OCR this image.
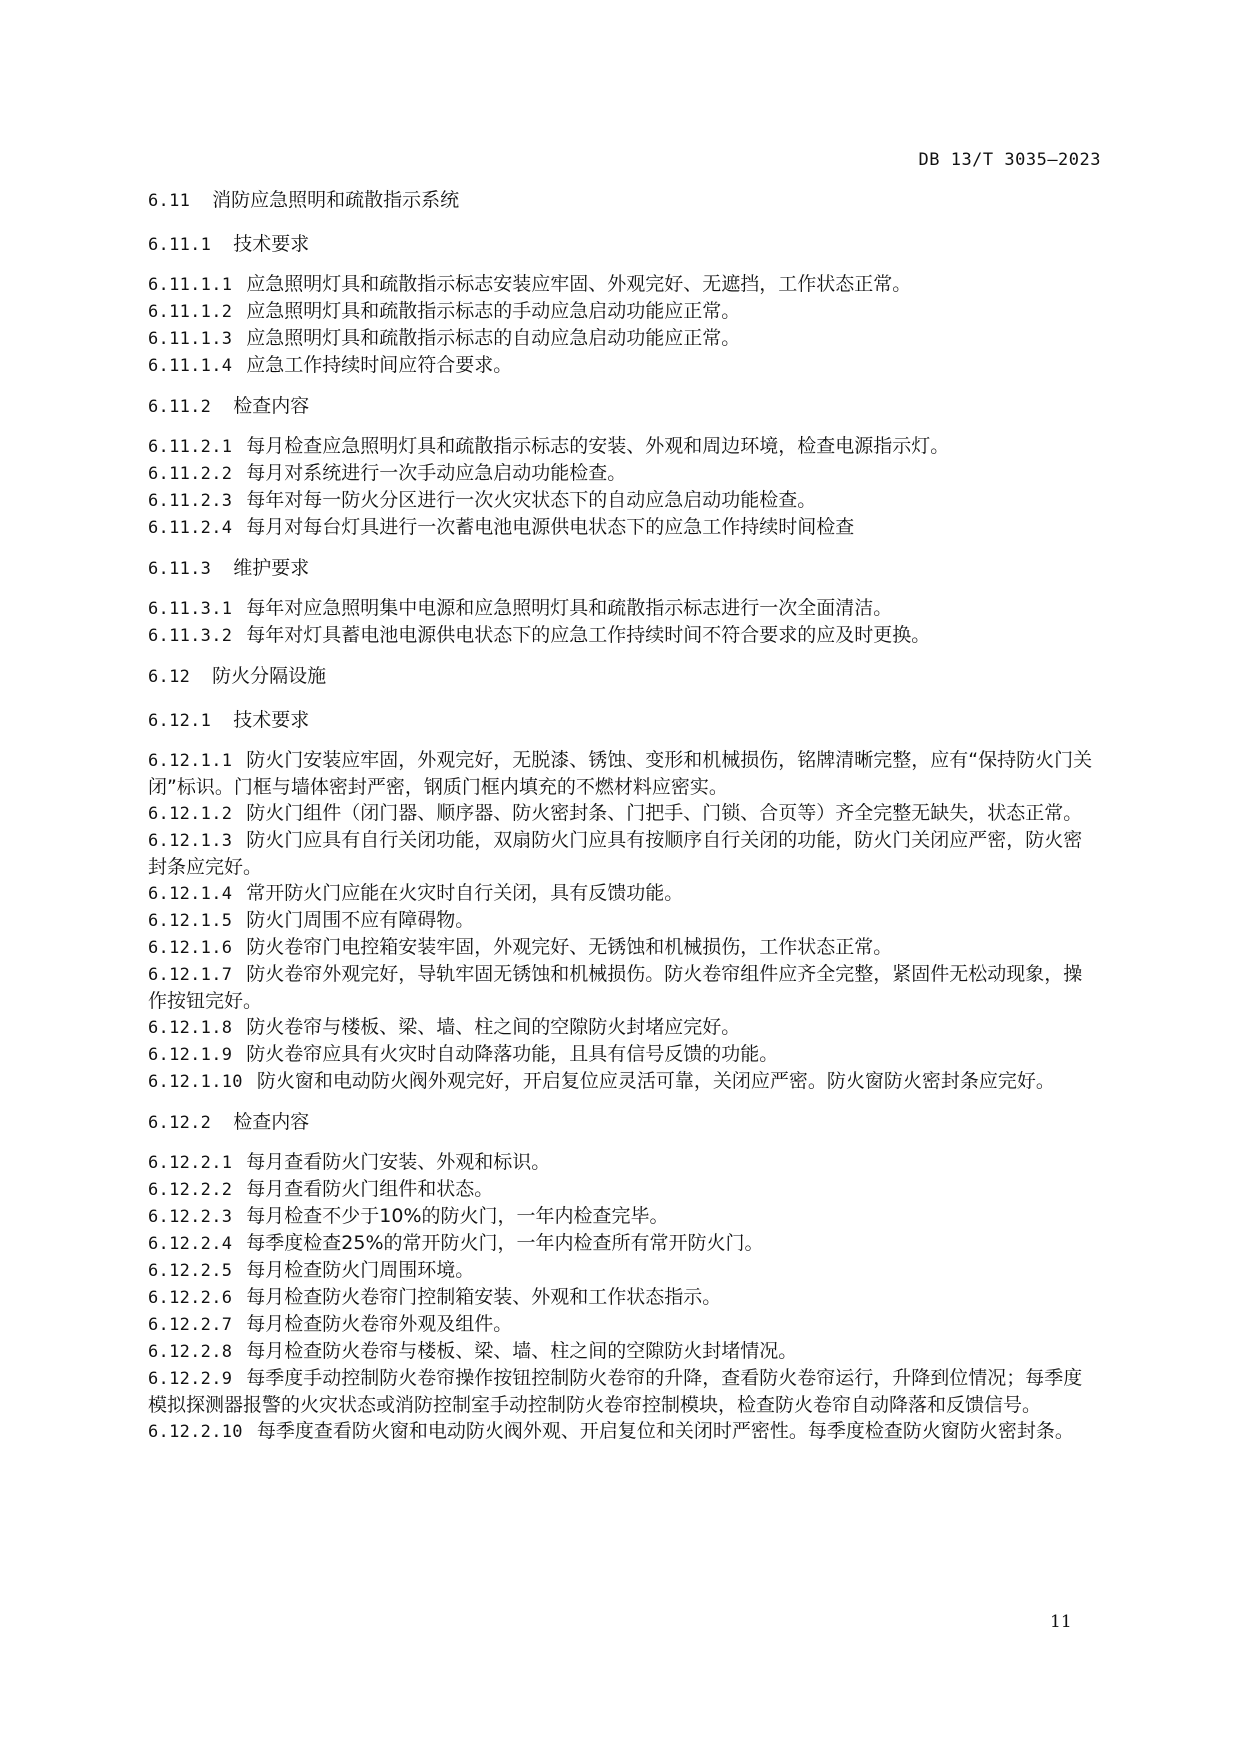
DB 13/T 3035—2023
6.11 消防应急照明和疏散指示系统
6.11.1 技术要求

6.11.1.1 应急照明灯具和疏散指示标志安装应牢固、外观完好、无遮挡，工作状态正常。

6.11.1.2 应急照明灯具和疏散指示标志的手动应急启动功能应正常。

6.11.1.3 应急照明灯具和疏散指示标志的自动应急启动功能应正常。

6.11.1.4 应急工作持续时间应符合要求。

6.11.2 检查内容

6.11.2.1 每月检查应急照明灯具和疏散指示标志的安装、外观和周边环境，检查电源指示灯。

6.11.2.2 每月对系统进行一次手动应急启动功能检查。

6.11.2.3 每年对每一防火分区进行一次火灾状态下的自动应急启动功能检查。

6.11.2.4 每月对每台灯具进行一次蓄电池电源供电状态下的应急工作持续时间检查

6.11.3 维护要求

6.11.3.1 每年对应急照明集中电源和应急照明灯具和疏散指示标志进行一次全面清洁。

6.11.3.2 每年对灯具蓄电池电源供电状态下的应急工作持续时间不符合要求的应及时更换。

6.12 防火分隔设施
6.12.1 技术要求

6.12.1.1 防火门安装应牢固，外观完好，无脱漆、锈蚀、变形和机械损伤，铭牌清晰完整，应有“保持防火门关闭”标识。门框与墙体密封严密，钢质门框内填充的不燃材料应密实。

6.12.1.2 防火门组件（闭门器、顺序器、防火密封条、门把手、门锁、合页等）齐全完整无缺失，状态正常。

6.12.1.3 防火门应具有自行关闭功能，双扇防火门应具有按顺序自行关闭的功能，防火门关闭应严密，防火密封条应完好。

6.12.1.4 常开防火门应能在火灾时自行关闭，具有反馈功能。

6.12.1.5 防火门周围不应有障碍物。

6.12.1.6 防火卷帘门电控箱安装牢固，外观完好、无锈蚀和机械损伤，工作状态正常。

6.12.1.7 防火卷帘外观完好，导轨牢固无锈蚀和机械损伤。防火卷帘组件应齐全完整，紧固件无松动现象，操作按钮完好。

6.12.1.8 防火卷帘与楼板、梁、墙、柱之间的空隙防火封堵应完好。

6.12.1.9 防火卷帘应具有火灾时自动降落功能，且具有信号反馈的功能。

6.12.1.10 防火窗和电动防火阀外观完好，开启复位应灵活可靠，关闭应严密。防火窗防火密封条应完好。

6.12.2 检查内容

6.12.2.1 每月查看防火门安装、外观和标识。

6.12.2.2 每月查看防火门组件和状态。

6.12.2.3 每月检查不少于10%的防火门，一年内检查完毕。

6.12.2.4 每季度检查25%的常开防火门，一年内检查所有常开防火门。

6.12.2.5 每月检查防火门周围环境。

6.12.2.6 每月检查防火卷帘门控制箱安装、外观和工作状态指示。

6.12.2.7 每月检查防火卷帘外观及组件。

6.12.2.8 每月检查防火卷帘与楼板、梁、墙、柱之间的空隙防火封堵情况。

6.12.2.9 每季度手动控制防火卷帘操作按钮控制防火卷帘的升降，查看防火卷帘运行，升降到位情况；每季度模拟探测器报警的火灾状态或消防控制室手动控制防火卷帘控制模块，检查防火卷帘自动降落和反馈信号。

6.12.2.10 每季度查看防火窗和电动防火阀外观、开启复位和关闭时严密性。每季度检查防火窗防火密封条。

11
